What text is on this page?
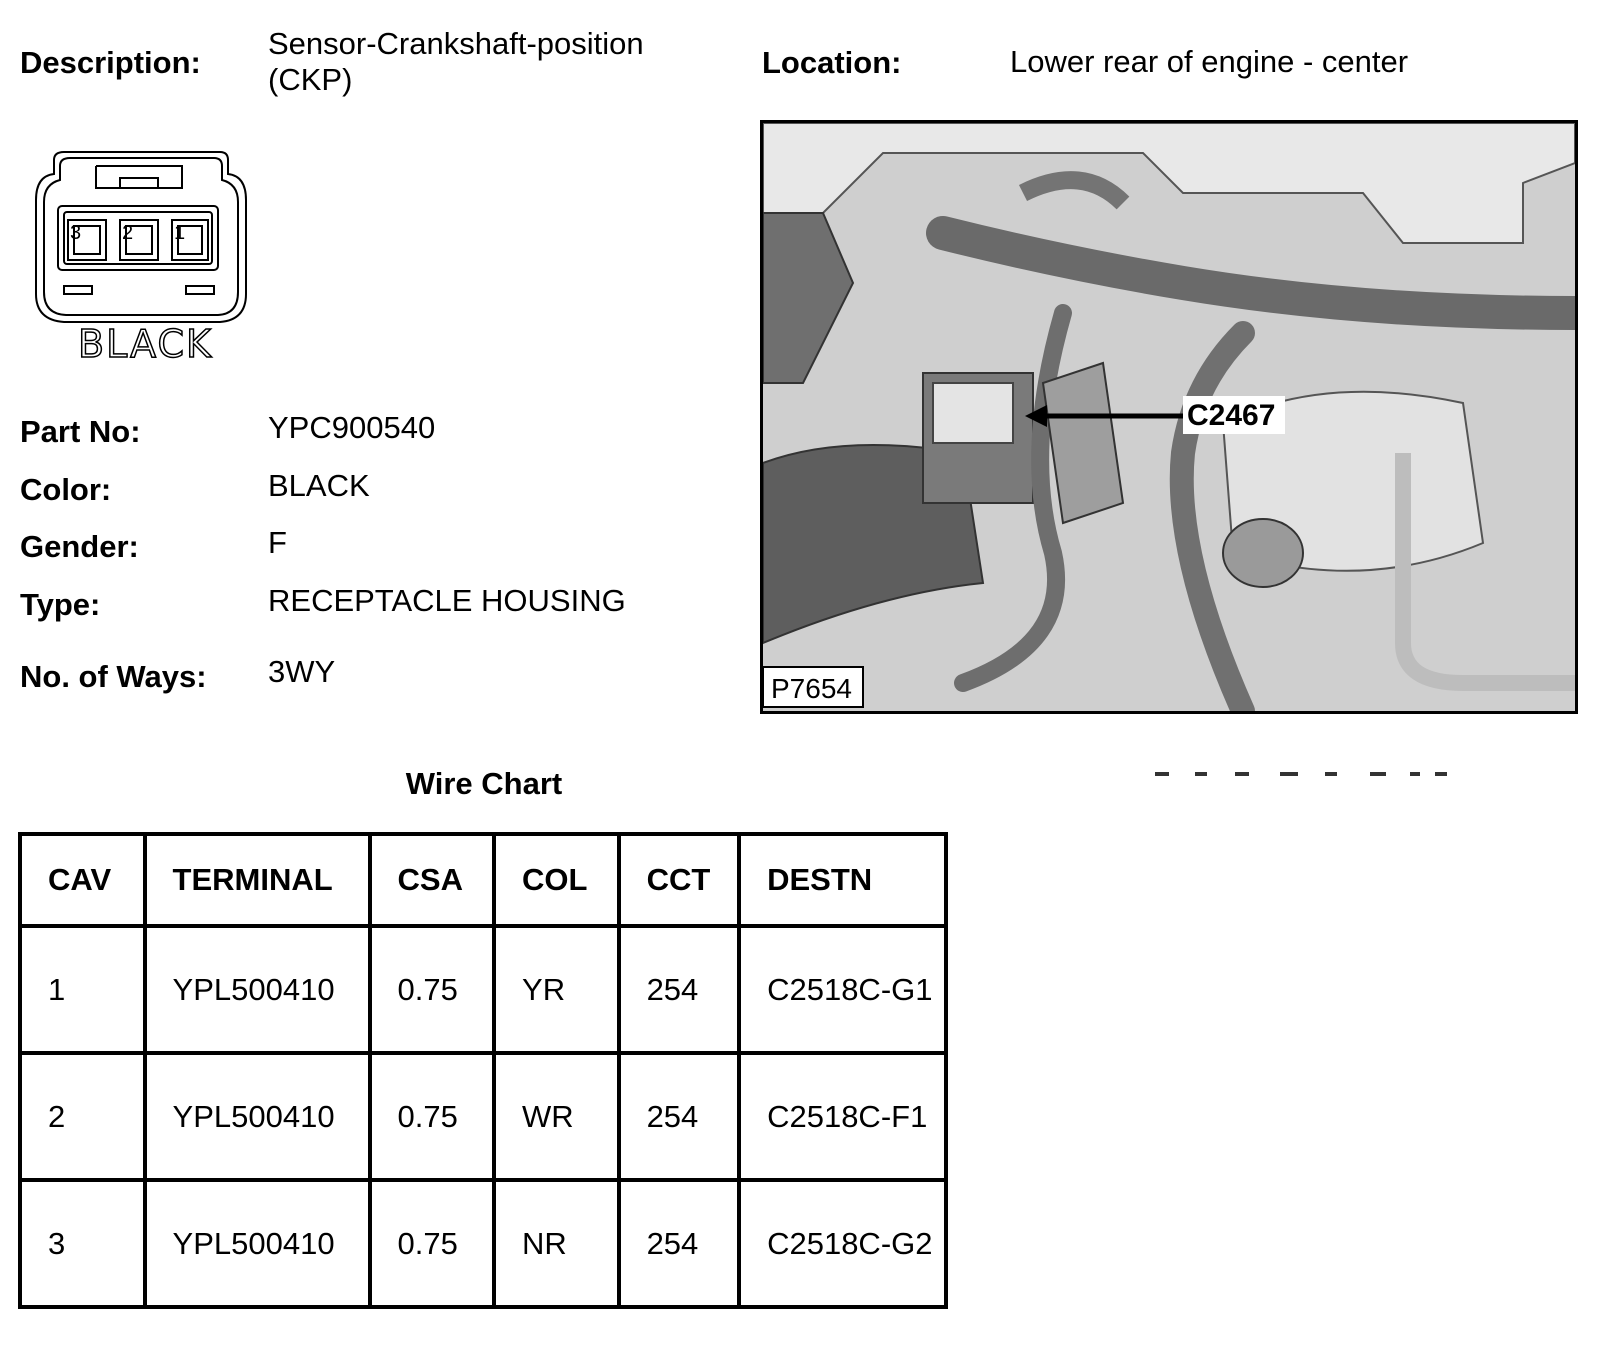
Description:
Sensor-Crankshaft-position (CKP)	Location:	Lower rear of engine - center
3 2 1
BLACK
Part No:	YPC900540
Color:	BLACK
Gender:	F
Type:	RECEPTACLE HOUSING
No. of Ways: 3WY
C2467
P7654
Wire Chart
CAV	TERMINAL	CSA	COL	CCT	DESTN
1	YPL500410	0.75	YR	254	C2518C-G1
2	YPL500410	0.75	WR	254	C2518C-F1
3	YPL500410	0.75	NR	254	C2518C-G2
